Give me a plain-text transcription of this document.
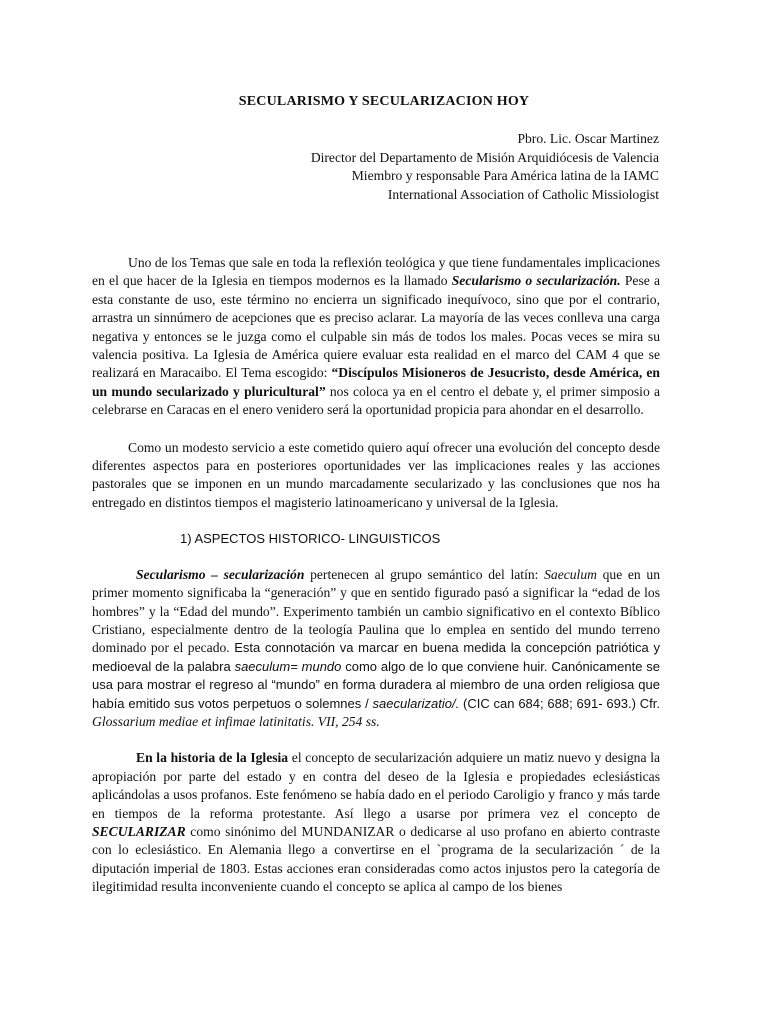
SECULARISMO Y SECULARIZACION HOY
Pbro. Lic. Oscar Martinez
Director del Departamento de Misión Arquidiócesis de Valencia
Miembro y responsable Para América latina de la IAMC
International Association of Catholic Missiologist

Uno de los Temas que sale en toda la reflexión teológica y que tiene fundamentales implicaciones en el que hacer de la Iglesia en tiempos modernos es la llamado Secularismo o secularización. Pese a esta constante de uso, este término no encierra un significado inequívoco, sino que por el contrario, arrastra un sinnúmero de acepciones que es preciso aclarar. La mayoría de las veces conlleva una carga negativa y entonces se le juzga como el culpable sin más de todos los males. Pocas veces se mira su valencia positiva. La Iglesia de América quiere evaluar esta realidad en el marco del CAM 4 que se realizará en Maracaibo. El Tema escogido: “Discípulos Misioneros de Jesucristo, desde América, en un mundo secularizado y pluricultural” nos coloca ya en el centro el debate y, el primer simposio a celebrarse en Caracas en el enero venidero será la oportunidad propicia para ahondar en el desarrollo.

Como un modesto servicio a este cometido quiero aquí ofrecer una evolución del concepto desde diferentes aspectos para en posteriores oportunidades ver las implicaciones reales y las acciones pastorales que se imponen en un mundo marcadamente secularizado y las conclusiones que nos ha entregado en distintos tiempos el magisterio latinoamericano y universal de la Iglesia.

1) ASPECTOS HISTORICO- LINGUISTICOS

Secularismo – secularización pertenecen al grupo semántico del latín: Saeculum que en un primer momento significaba la “generación” y que en sentido figurado pasó a significar la “edad de los hombres” y la “Edad del mundo”. Experimento también un cambio significativo en el contexto Bíblico Cristiano, especialmente dentro de la teología Paulina que lo emplea en sentido del mundo terreno dominado por el pecado. Esta connotación va marcar en buena medida la concepción patriótica y medioeval de la palabra saeculum= mundo como algo de lo que conviene huir. Canónicamente se usa para mostrar el regreso al “mundo” en forma duradera al miembro de una orden religiosa que había emitido sus votos perpetuos o solemnes / saecularizatio/. (CIC can 684; 688; 691- 693.) Cfr. Glossarium mediae et infimae latinitatis. VII, 254 ss.

En la historia de la Iglesia el concepto de secularización adquiere un matiz nuevo y designa la apropiación por parte del estado y en contra del deseo de la Iglesia e propiedades eclesiásticas aplicándolas a usos profanos. Este fenómeno se había dado en el periodo Caroligio y franco y más tarde en tiempos de la reforma protestante. Así llego a usarse por primera vez el concepto de SECULARIZAR como sinónimo del MUNDANIZAR o dedicarse al uso profano en abierto contraste con lo eclesiástico. En Alemania llego a convertirse en el `programa de la secularización ´ de la diputación imperial de 1803. Estas acciones eran consideradas como actos injustos pero la categoría de ilegitimidad resulta inconveniente cuando el concepto se aplica al campo de los bienes
